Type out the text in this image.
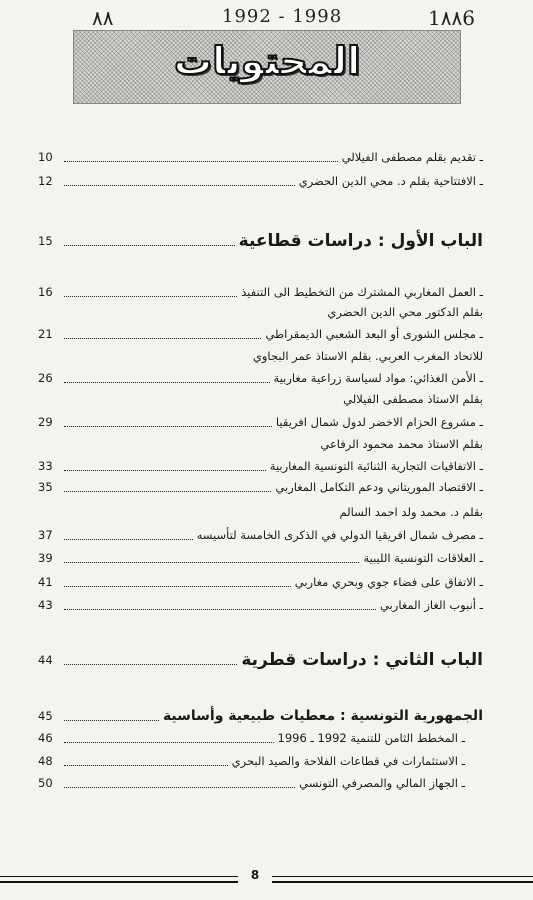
٨٨	1992 - 1998	1٨٨6
المحتويات
ـ تقديم بقلم مصطفى الفيلالي
10
ـ الافتتاحية بقلم د. محي الدين الحضري
12
الباب الأول : دراسات قطاعية
15
ـ العمل المغاربي المشترك من التخطيط الى التنفيذ
16
بقلم الدكتور محي الدين الحضري
ـ مجلس الشورى أو البعد الشعبي الديمقراطي
21
للاتحاد المغرب العربي. بقلم الاستاذ عمر البجاوي
ـ الأمن الغذائي: مواد لسياسة زراعية مغاربية
26
بقلم الاستاذ مصطفى الفيلالي
ـ مشروع الحزام الاخضر لدول شمال افريقيا
29
بقلم الاستاذ محمد محمود الرفاعي
ـ الاتفاقيات التجارية الثنائية التونسية المغاربية
33
ـ الاقتصاد الموريتاني ودعم التكامل المغاربي
35
بقلم د. محمد ولد احمد السالم
ـ مصرف شمال افريقيا الدولي في الذكرى الخامسة لتأسيسه
37
ـ العلاقات التونسية الليبية
39
ـ الاتفاق على فضاء جوي وبحري مغاربي
41
ـ أنبوب الغاز المغاربي
43
الباب الثاني : دراسات قطرية
44
الجمهورية التونسية : معطيات طبيعية وأساسية
45
ـ المخطط الثامن للتنمية 1992 ـ 1996
46
ـ الاستثمارات في قطاعات الفلاحة والصيد البحري
48
ـ الجهاز المالي والمصرفي التونسي
50
8
